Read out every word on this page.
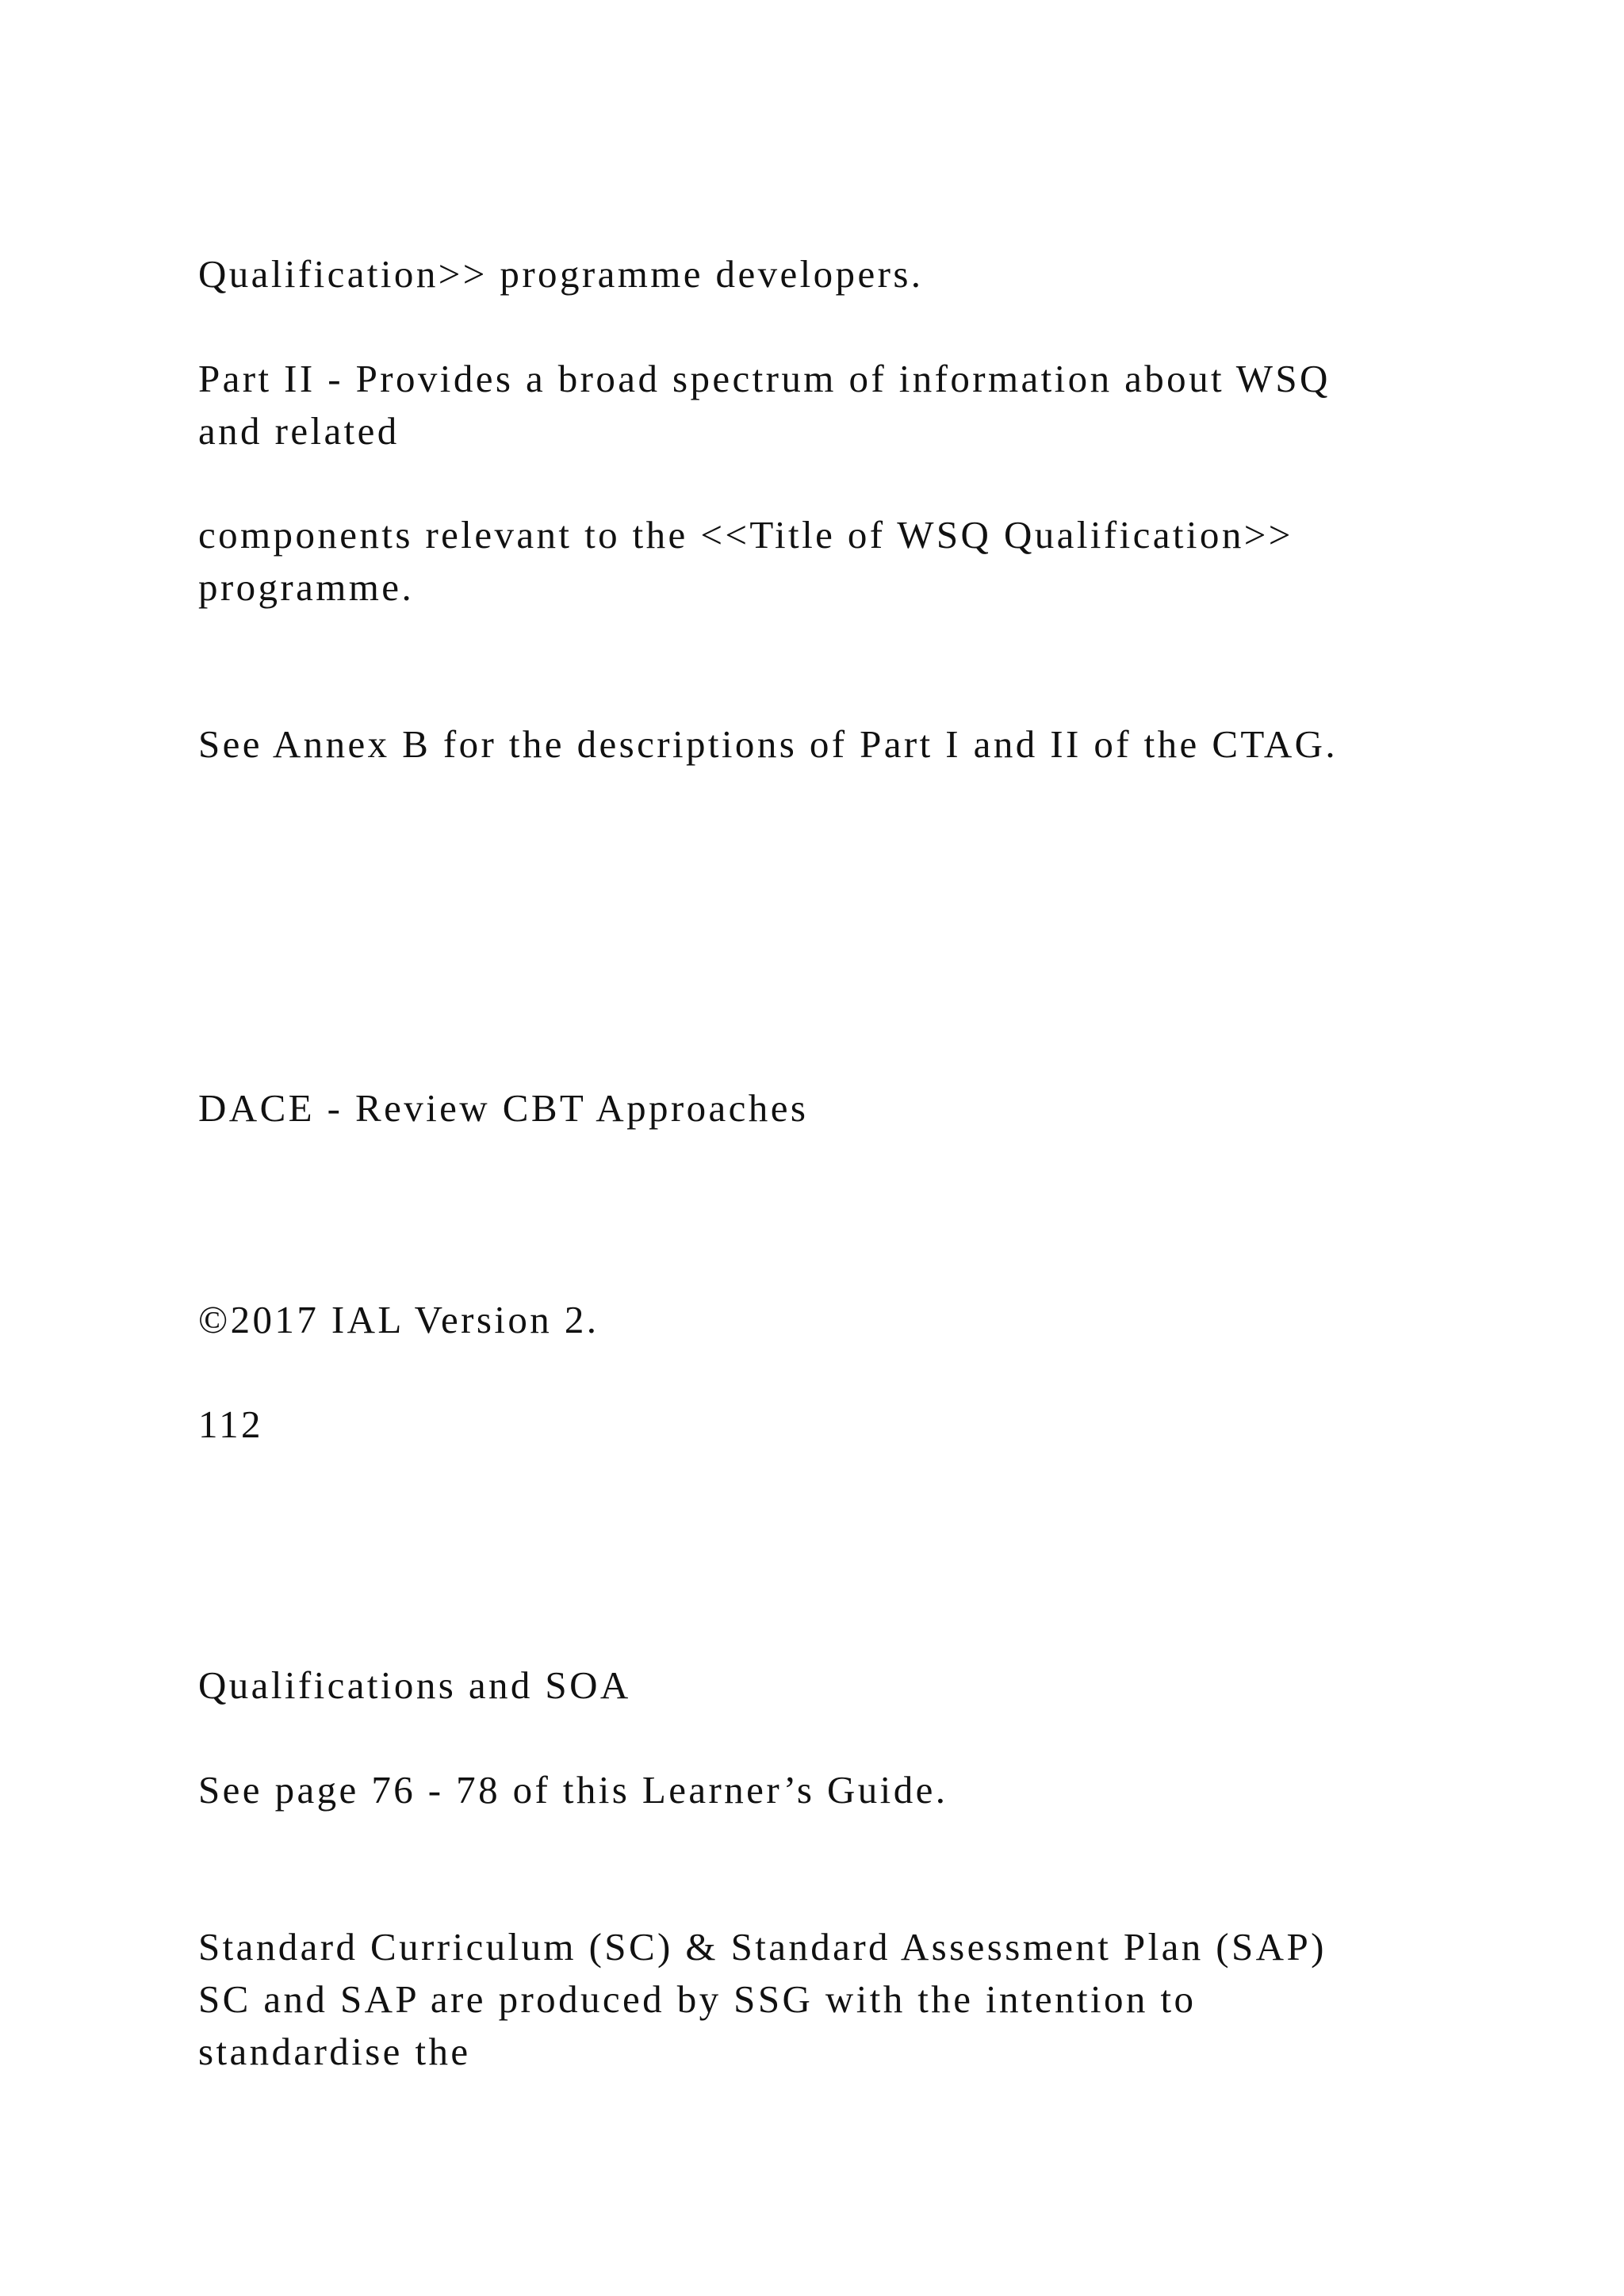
Qualification>> programme developers.

Part II - Provides a broad spectrum of information about WSQ

and related

components relevant to the <<Title of WSQ Qualification>>

programme.

See Annex B for the descriptions of Part I and II of the CTAG.

DACE - Review CBT Approaches

©2017 IAL Version 2.

112

Qualifications and SOA

See page 76 - 78 of this Learner’s Guide.

Standard Curriculum (SC) & Standard Assessment Plan (SAP)

SC and SAP are produced by SSG with the intention to

standardise the
